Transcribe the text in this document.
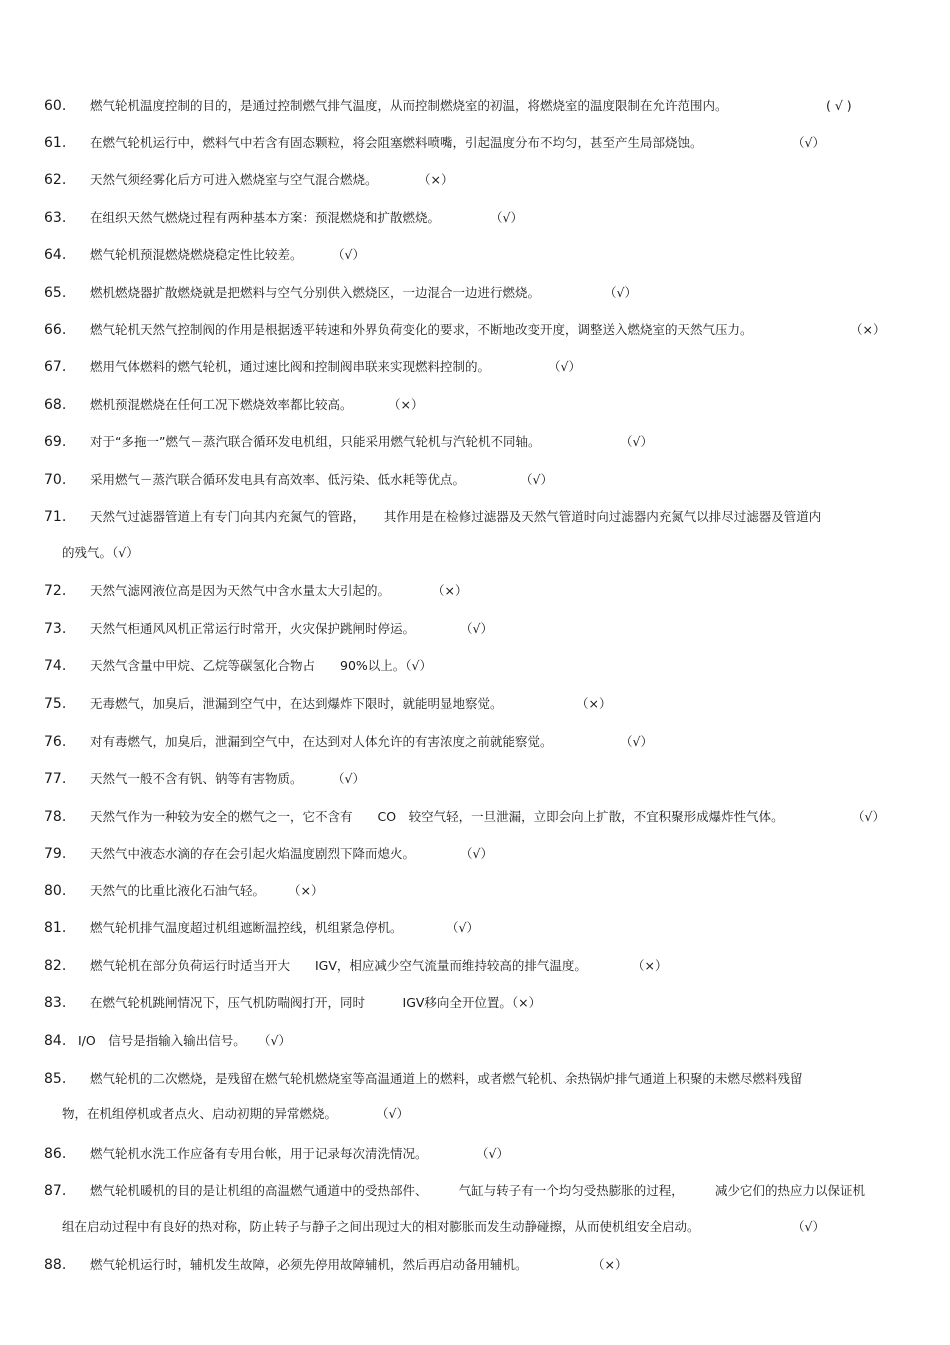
60. 燃气轮机温度控制的目的，是通过控制燃气排气温度，从而控制燃烧室的初温，将燃烧室的温度限制在允许范围内。	( √ )
61. 在燃气轮机运行中，燃料气中若含有固态颗粒，将会阻塞燃料喷嘴，引起温度分布不均匀，甚至产生局部烧蚀。	（√）
62. 天然气须经雾化后方可进入燃烧室与空气混合燃烧。	（×）
63. 在组织天然气燃烧过程有两种基本方案：预混燃烧和扩散燃烧。	（√）
64. 燃气轮机预混燃烧燃烧稳定性比较差。 （√）
65. 燃机燃烧器扩散燃烧就是把燃料与空气分别供入燃烧区，一边混合一边进行燃烧。	（√）
66. 燃气轮机天然气控制阀的作用是根据透平转速和外界负荷变化的要求，不断地改变开度，调整送入燃烧室的天然气压力。	（×）
67. 燃用气体燃料的燃气轮机，通过速比阀和控制阀串联来实现燃料控制的。	（√）
68. 燃机预混燃烧在任何工况下燃烧效率都比较高。	（×）
69. 对于“多拖一”燃气－蒸汽联合循环发电机组，只能采用燃气轮机与汽轮机不同轴。	（√）
70. 采用燃气－蒸汽联合循环发电具有高效率、低污染、低水耗等优点。	（√）
71. 天然气过滤器管道上有专门向其内充氮气的管路，　　其作用是在检修过滤器及天然气管道时向过滤器内充氮气以排尽过滤器及管道内
的残气。（√）
72. 天然气滤网液位高是因为天然气中含水量太大引起的。	（×）
73. 天然气柜通风风机正常运行时常开，火灾保护跳闸时停运。	（√）
74. 天然气含量中甲烷、乙烷等碳氢化合物占　　90%以上。（√）
75. 无毒燃气，加臭后，泄漏到空气中，在达到爆炸下限时，就能明显地察觉。	（×）
76. 对有毒燃气，加臭后，泄漏到空气中，在达到对人体允许的有害浓度之前就能察觉。	（√）
77. 天然气一般不含有钒、钠等有害物质。 （√）
78. 天然气作为一种较为安全的燃气之一，它不含有　　CO　较空气轻，一旦泄漏，立即会向上扩散，不宜积聚形成爆炸性气体。	（√）
79. 天然气中液态水滴的存在会引起火焰温度剧烈下降而熄火。	（√）
80. 天然气的比重比液化石油气轻。 （×）
81. 燃气轮机排气温度超过机组遮断温控线，机组紧急停机。	（√）
82. 燃气轮机在部分负荷运行时适当开大　　IGV，相应减少空气流量而维持较高的排气温度。	（×）
83. 在燃气轮机跳闸情况下，压气机防喘阀打开，同时　　　IGV移向全开位置。（×）
84. I/O　信号是指输入输出信号。 （√）
85. 燃气轮机的二次燃烧，是残留在燃气轮机燃烧室等高温通道上的燃料，或者燃气轮机、余热锅炉排气通道上积聚的未燃尽燃料残留
物，在机组停机或者点火、启动初期的异常燃烧。	（√）
86. 燃气轮机水洗工作应备有专用台帐，用于记录每次清洗情况。	（√）
87. 燃气轮机暖机的目的是让机组的高温燃气通道中的受热部件、　　　气缸与转子有一个均匀受热膨胀的过程，　　　减少它们的热应力以保证机
组在启动过程中有良好的热对称，防止转子与静子之间出现过大的相对膨胀而发生动静碰擦，从而使机组安全启动。	（√）
88. 燃气轮机运行时，辅机发生故障，必须先停用故障辅机，然后再启动备用辅机。	（×）
